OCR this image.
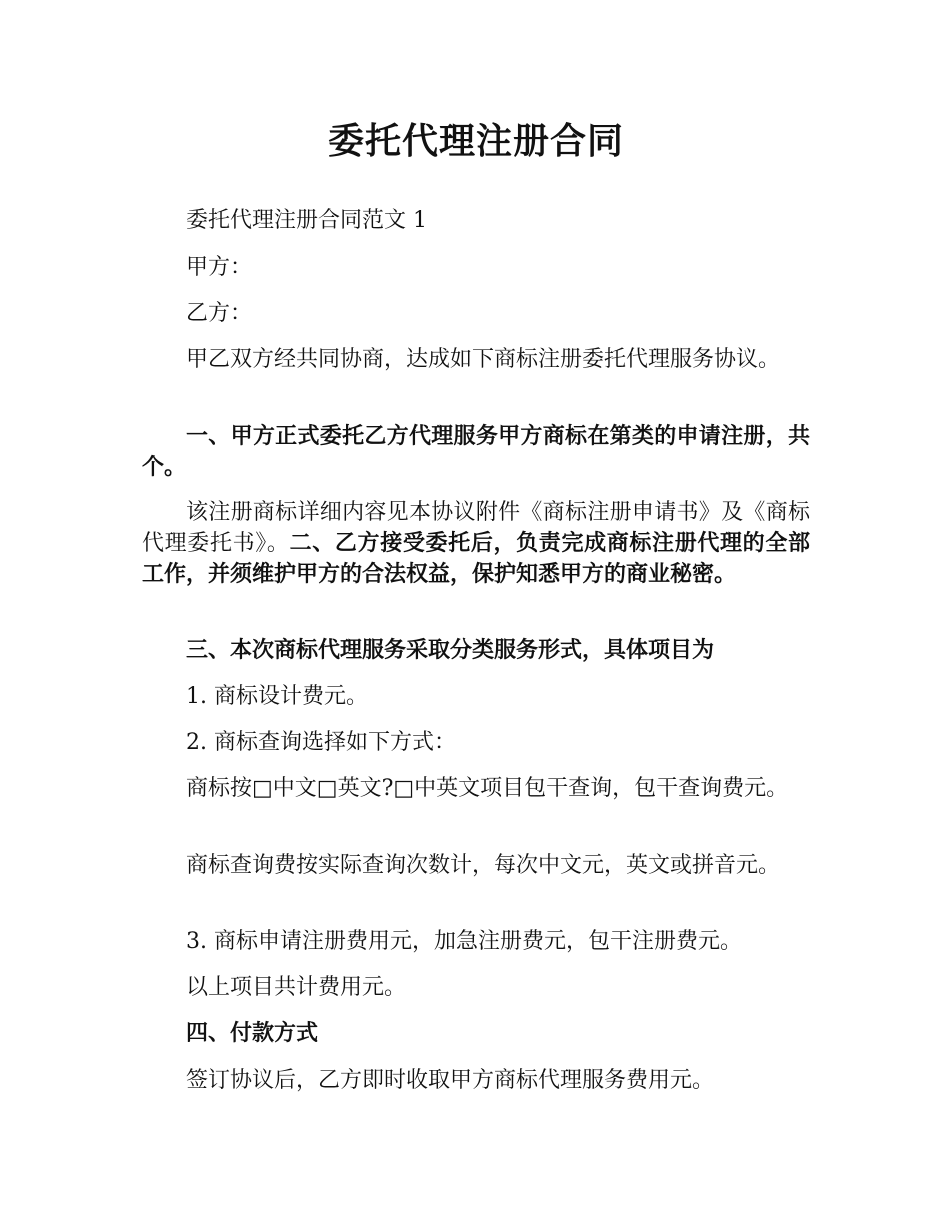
委托代理注册合同

委托代理注册合同范文 1

甲方：

乙方：

甲乙双方经共同协商，达成如下商标注册委托代理服务协议。

一、甲方正式委托乙方代理服务甲方商标在第类的申请注册，共个。

该注册商标详细内容见本协议附件《商标注册申请书》及《商标代理委托书》。二、乙方接受委托后，负责完成商标注册代理的全部工作，并须维护甲方的合法权益，保护知悉甲方的商业秘密。

三、本次商标代理服务采取分类服务形式，具体项目为

1. 商标设计费元。

2. 商标查询选择如下方式：

商标按□中文□英文?□中英文项目包干查询，包干查询费元。

商标查询费按实际查询次数计，每次中文元，英文或拼音元。

3. 商标申请注册费用元，加急注册费元，包干注册费元。

以上项目共计费用元。

四、付款方式

签订协议后，乙方即时收取甲方商标代理服务费用元。
